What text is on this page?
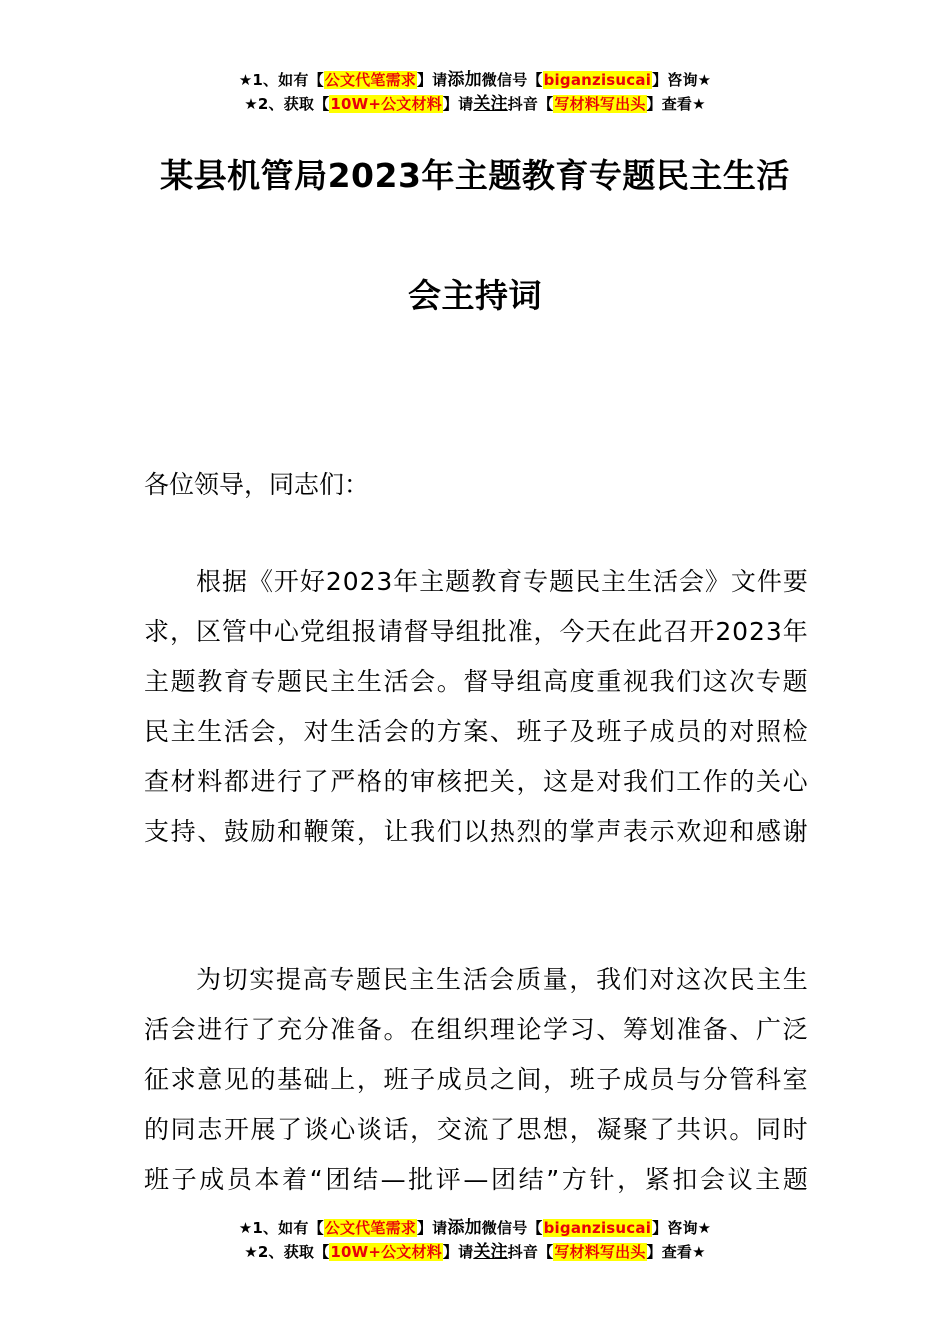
★1、如有【公文代笔需求】请添加微信号【biganzisucai】咨询★
★2、获取【10W+公文材料】请关注抖音【写材料写出头】查看★
某县机管局2023年主题教育专题民主生活
会主持词
各位领导，同志们：
根 据 《 开 好 2 0 2 3 年 主 题 教 育 专 题 民 主 生 活 会 》 文 件 要
求 ， 区 管 中 心 党 组 报 请 督 导 组 批 准 ， 今 天 在 此 召 开 2 0 2 3 年
主 题 教 育 专 题 民 主 生 活 会 。 督 导 组 高 度 重 视 我 们 这 次 专 题
民 主 生 活 会 ， 对 生 活 会 的 方 案 、 班 子 及 班 子 成 员 的 对 照 检
查 材 料 都 进 行 了 严 格 的 审 核 把 关 ， 这 是 对 我 们 工 作 的 关 心
支 持 、 鼓 励 和 鞭 策 ， 让 我 们 以 热 烈 的 掌 声 表 示 欢 迎 和 感 谢
为 切 实 提 高 专 题 民 主 生 活 会 质 量 ， 我 们 对 这 次 民 主 生
活 会 进 行 了 充 分 准 备 。 在 组 织 理 论 学 习 、 筹 划 准 备 、 广 泛
征 求 意 见 的 基 础 上 ， 班 子 成 员 之 间 ， 班 子 成 员 与 分 管 科 室
的 同 志 开 展 了 谈 心 谈 话 ， 交 流 了 思 想 ， 凝 聚 了 共 识 。 同 时
班 子 成 员 本 着 “ 团 结 — 批 评 — 团 结 ” 方 针 ， 紧 扣 会 议 主 题
★1、如有【公文代笔需求】请添加微信号【biganzisucai】咨询★
★2、获取【10W+公文材料】请关注抖音【写材料写出头】查看★
